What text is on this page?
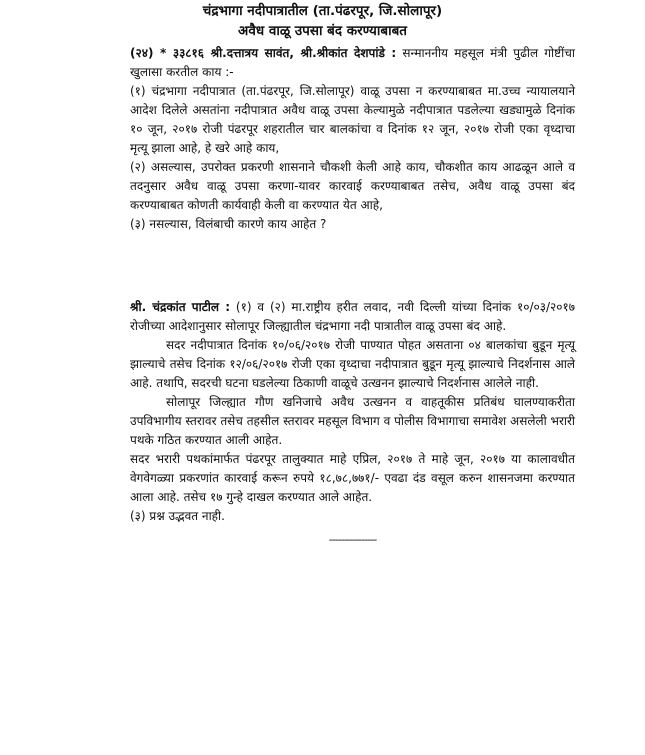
चंद्रभागा नदीपात्रातील (ता.पंढरपूर, जि.सोलापूर)
अवैध वाळू उपसा बंद करण्याबाबत

(२४) * ३३८१६ श्री.दत्तात्रय सावंत, श्री.श्रीकांत देशपांडे : सन्माननीय महसूल मंत्री पुढील गोष्टींचा खुलासा करतील काय :-

(१) चंद्रभागा नदीपात्रात (ता.पंढरपूर, जि.सोलापूर) वाळू उपसा न करण्याबाबत मा.उच्च न्यायालयाने आदेश दिलेले असतांना नदीपात्रात अवैध वाळू उपसा केल्यामुळे नदीपात्रात पडलेल्या खड्यामुळे दिनांक १० जून, २०१७ रोजी पंढरपूर शहरातील चार बालकांचा व दिनांक १२ जून, २०१७ रोजी एका वृध्दाचा मृत्यू झाला आहे, हे खरे आहे काय,

(२) असल्यास, उपरोक्त प्रकरणी शासनाने चौकशी केली आहे काय, चौकशीत काय आढळून आले व तदनुसार अवैध वाळू उपसा करणा-यावर कारवाई करण्याबाबत तसेच, अवैध वाळू उपसा बंद करण्याबाबत कोणती कार्यवाही केली वा करण्यात येत आहे,

(३) नसल्यास, विलंबाची कारणे काय आहेत ?

श्री. चंद्रकांत पाटील : (१) व (२) मा.राष्ट्रीय हरीत लवाद, नवी दिल्ली यांच्या दिनांक १०/०३/२०१७ रोजीच्या आदेशानुसार सोलापूर जिल्ह्यातील चंद्रभागा नदी पात्रातील वाळू उपसा बंद आहे.

सदर नदीपात्रात दिनांक १०/०६/२०१७ रोजी पाण्यात पोहत असताना ०४ बालकांचा बुडून मृत्यू झाल्याचे तसेच दिनांक १२/०६/२०१७ रोजी एका वृध्दाचा नदीपात्रात बुडून मृत्यू झाल्याचे निदर्शनास आले आहे. तथापि, सदरची घटना घडलेल्या ठिकाणी वाळूचे उत्खनन झाल्याचे निदर्शनास आलेले नाही.

सोलापूर जिल्ह्यात गौण खनिजाचे अवैध उत्खनन व वाहतूकीस प्रतिबंध घालण्याकरीता उपविभागीय स्तरावर तसेच तहसील स्तरावर महसूल विभाग व पोलीस विभागाचा समावेश असलेली भरारी पथके गठित करण्यात आली आहेत.

सदर भरारी पथकांमार्फत पंढरपूर तालुक्यात माहे एप्रिल, २०१७ ते माहे जून, २०१७ या कालावधीत वेगवेगळ्या प्रकरणांत कारवाई करून रुपये १८,७८,७७१/- एवढा दंड वसूल करुन शासनजमा करण्यात आला आहे. तसेच १७ गुन्हे दाखल करण्यात आले आहेत.

(३) प्रश्न उद्भवत नाही.

----------------
